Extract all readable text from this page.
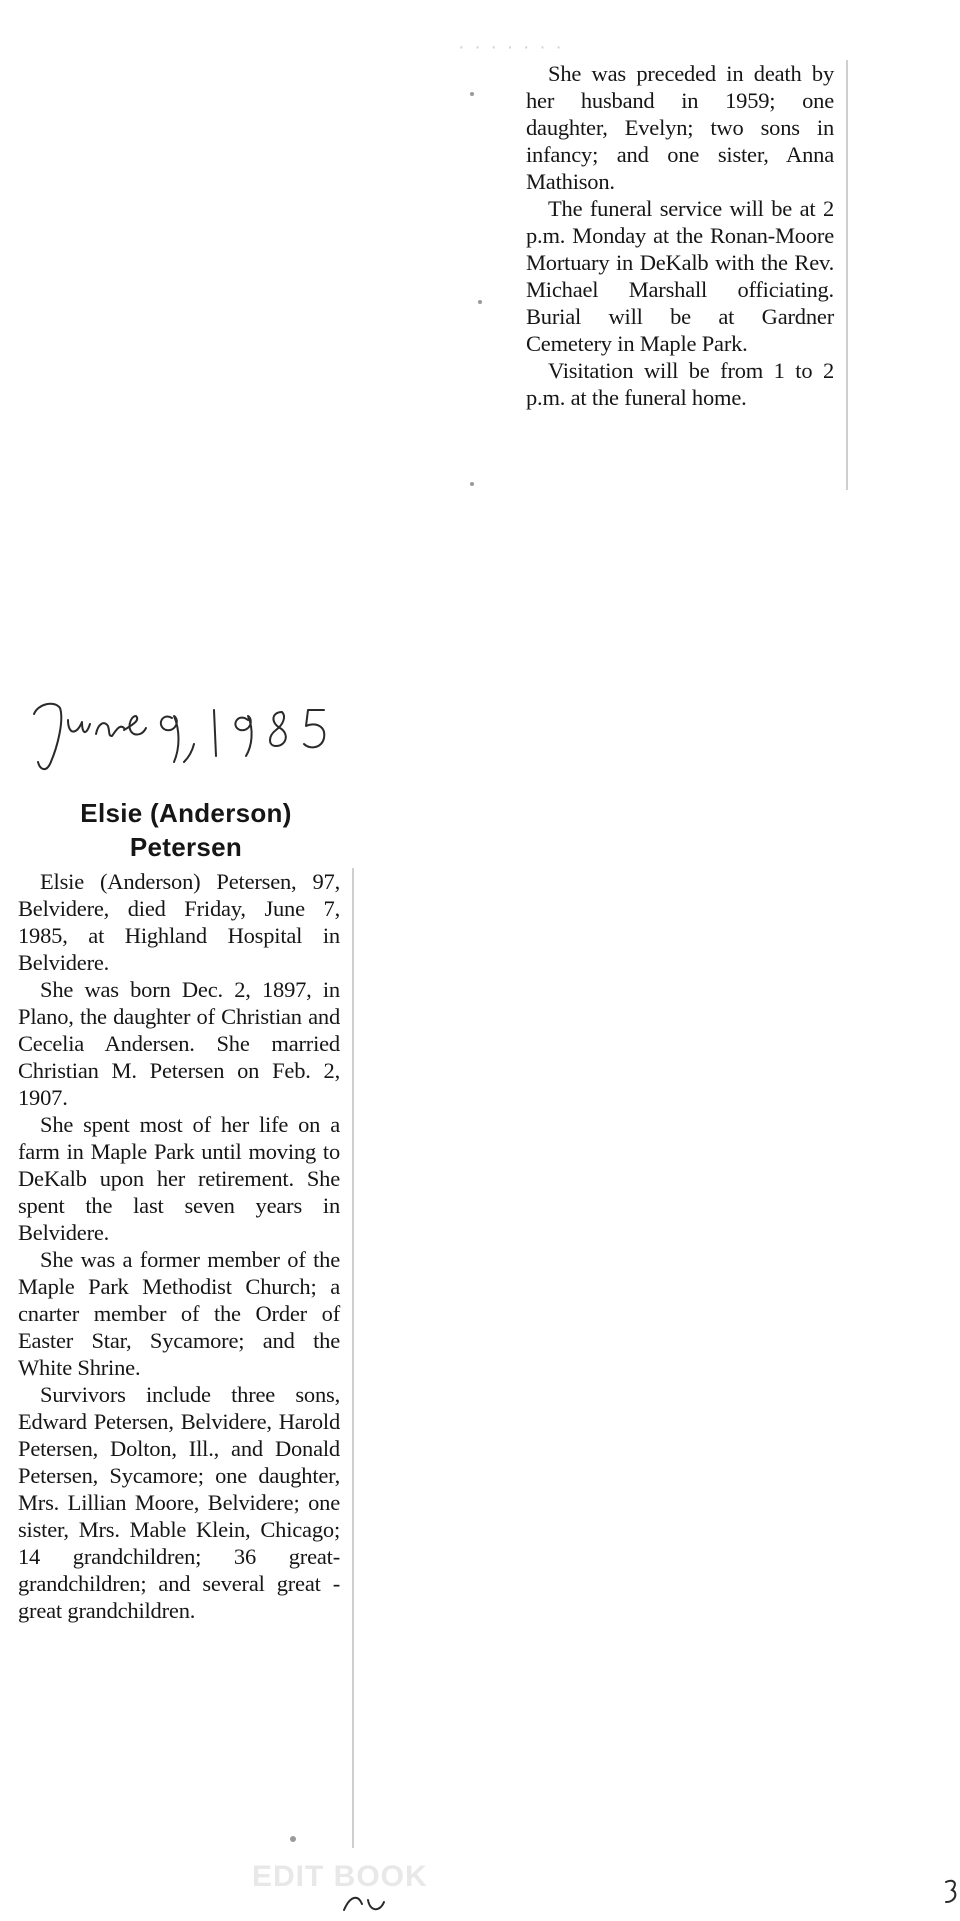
· · · · · · ·

She was preceded in death by her husband in 1959; one daughter, Evelyn; two sons in infancy; and one sister, Anna Mathison.

The funeral service will be at 2 p.m. Monday at the Ronan-Moore Mortuary in DeKalb with the Rev. Michael Marshall officiating. Burial will be at Gardner Cemetery in Maple Park.

Visitation will be from 1 to 2 p.m. at the funeral home.

Elsie (Anderson)
Petersen

Elsie (Anderson) Petersen, 97, Belvidere, died Friday, June 7, 1985, at Highland Hospital in Belvidere.

She was born Dec. 2, 1897, in Plano, the daughter of Christian and Cecelia Andersen. She married Christian M. Petersen on Feb. 2, 1907.

She spent most of her life on a farm in Maple Park until moving to DeKalb upon her retirement. She spent the last seven years in Belvidere.

She was a former member of the Maple Park Methodist Church; a cnarter member of the Order of Easter Star, Sycamore; and the White Shrine.

Survivors include three sons, Edward Petersen, Belvidere, Harold Petersen, Dolton, Ill., and Donald Petersen, Sycamore; one daughter, Mrs. Lillian Moore, Belvidere; one sister, Mrs. Mable Klein, Chicago; 14 grandchildren; 36 great-grandchildren; and several great - great grandchildren.

EDIT BOOK
